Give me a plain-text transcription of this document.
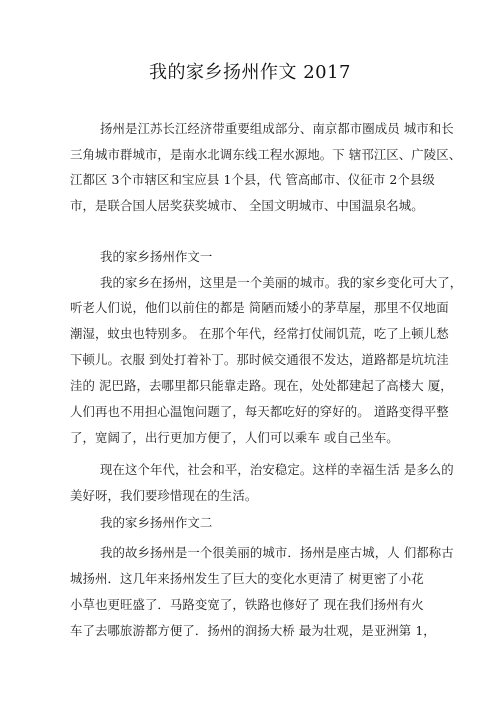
我的家乡扬州作文 2017
扬州是江苏长江经济带重要组成部分、南京都市圈成员 城市和长
三角城市群城市，是南水北调东线工程水源地。下 辖邗江区、广陵区、
江都区 3个市辖区和宝应县 1个县，代 管高邮市、仪征市 2个县级
市，是联合国人居奖获奖城市、 全国文明城市、中国温泉名城。
我的家乡扬州作文一
我的家乡在扬州，这里是一个美丽的城市。我的家乡变化可大了，
听老人们说，他们以前住的都是 简陋而矮小的茅草屋，那里不仅地面
潮湿，蚊虫也特别多。 在那个年代，经常打仗闹饥荒，吃了上顿儿愁
下顿儿。衣服 到处打着补丁。那时候交通很不发达，道路都是坑坑洼
洼的 泥巴路，去哪里都只能靠走路。现在，处处都建起了高楼大 厦，
人们再也不用担心温饱问题了，每天都吃好的穿好的。 道路变得平整
了，宽阔了，出行更加方便了，人们可以乘车 或自己坐车。
现在这个年代，社会和平，治安稳定。这样的幸福生活 是多么的
美好呀，我们要珍惜现在的生活。
我的家乡扬州作文二
我的故乡扬州是一个很美丽的城市．扬州是座古城，人 们都称古
城扬州．这几年来扬州发生了巨大的变化水更清了 树更密了小花
小草也更旺盛了．马路变宽了，铁路也修好了 现在我们扬州有火
车了去哪旅游都方便了．扬州的润扬大桥 最为壮观，是亚洲第 1，
